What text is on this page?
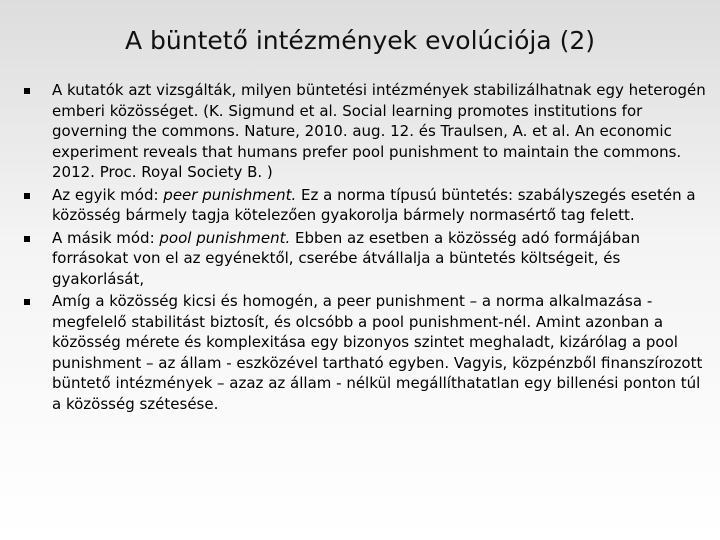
A büntető intézmények evolúciója (2)
A kutatók azt vizsgálták, milyen büntetési intézmények stabilizálhatnak egy heterogén emberi közösséget. (K. Sigmund et al. Social learning promotes institutions for governing the commons. Nature, 2010. aug. 12. és Traulsen, A. et al. An economic experiment reveals that humans prefer pool punishment to maintain the commons. 2012. Proc. Royal Society B. )
Az egyik mód: peer punishment. Ez a norma típusú büntetés: szabályszegés esetén a közösség bármely tagja kötelezően gyakorolja bármely normasértő tag felett.
A másik mód: pool punishment. Ebben az esetben a közösség adó formájában forrásokat von el az egyénektől, cserébe átvállalja a büntetés költségeit, és gyakorlását,
Amíg a közösség kicsi és homogén, a peer punishment – a norma alkalmazása - megfelelő stabilitást biztosít, és olcsóbb a pool punishment-nél. Amint azonban a közösség mérete és komplexitása egy bizonyos szintet meghaladt, kizárólag a pool punishment – az állam - eszközével tartható egyben. Vagyis, közpénzből finanszírozott büntető intézmények – azaz az állam - nélkül megállíthatatlan egy billenési ponton túl a közösség szétesése.
